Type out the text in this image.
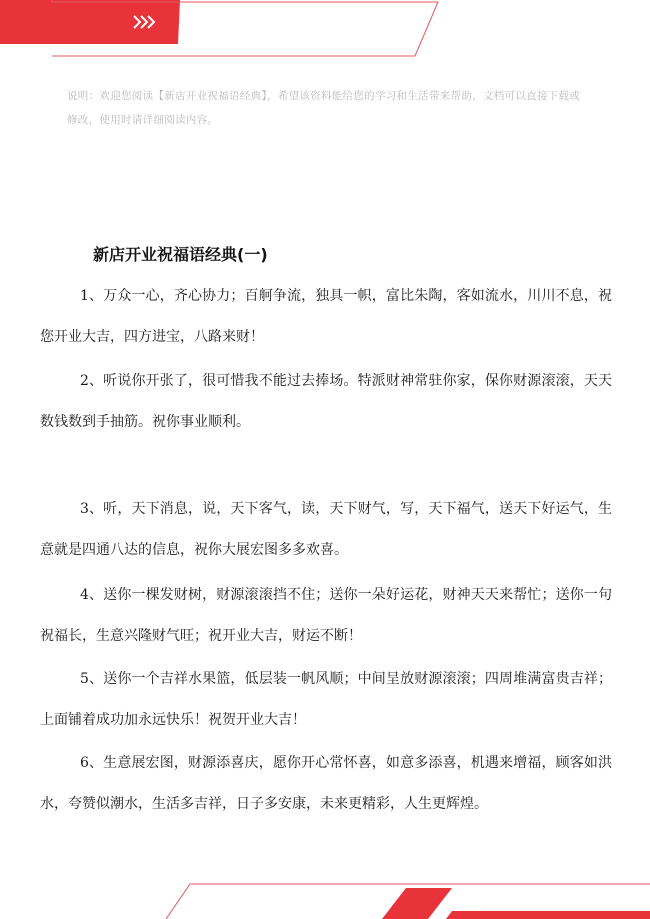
说明：欢迎您阅读【新店开业祝福语经典】，希望该资料能给您的学习和生活带来帮助，文档可以直接下载或修改，使用时请详细阅读内容。
新店开业祝福语经典(一)

1、万众一心，齐心协力；百舸争流，独具一帜，富比朱陶，客如流水，川川不息，祝您开业大吉，四方进宝，八路来财！

2、听说你开张了，很可惜我不能过去捧场。特派财神常驻你家，保你财源滚滚，天天数钱数到手抽筋。祝你事业顺利。

3、听，天下消息，说，天下客气，读，天下财气，写，天下福气，送天下好运气，生意就是四通八达的信息，祝你大展宏图多多欢喜。

4、送你一棵发财树，财源滚滚挡不住；送你一朵好运花，财神天天来帮忙；送你一句祝福长，生意兴隆财气旺；祝开业大吉，财运不断！

5、送你一个吉祥水果篮，低层装一帆风顺；中间呈放财源滚滚；四周堆满富贵吉祥；上面铺着成功加永远快乐！祝贺开业大吉！

6、生意展宏图，财源添喜庆，愿你开心常怀喜，如意多添喜，机遇来增福，顾客如洪水，夸赞似潮水，生活多吉祥，日子多安康，未来更精彩，人生更辉煌。
